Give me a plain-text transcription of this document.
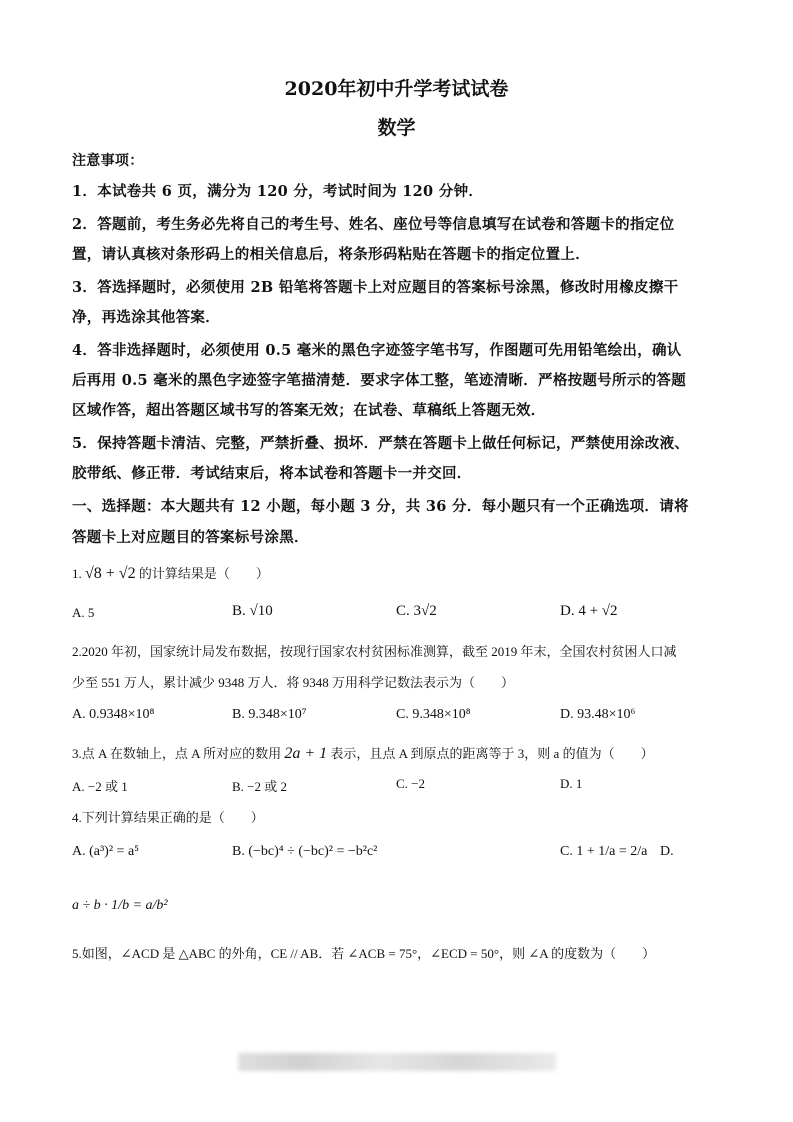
2020年初中升学考试试卷
数学
注意事项：
1．本试卷共 6 页，满分为 120 分，考试时间为 120 分钟．
2．答题前，考生务必先将自己的考生号、姓名、座位号等信息填写在试卷和答题卡的指定位
置，请认真核对条形码上的相关信息后，将条形码粘贴在答题卡的指定位置上．
3．答选择题时，必须使用 2B 铅笔将答题卡上对应题目的答案标号涂黑，修改时用橡皮擦干
净，再选涂其他答案．
4．答非选择题时，必须使用 0.5 毫米的黑色字迹签字笔书写，作图题可先用铅笔绘出，确认
后再用 0.5 毫米的黑色字迹签字笔描清楚．要求字体工整，笔迹清晰．严格按题号所示的答题
区域作答，超出答题区域书写的答案无效；在试卷、草稿纸上答题无效．
5．保持答题卡清洁、完整，严禁折叠、损坏．严禁在答题卡上做任何标记，严禁使用涂改液、
胶带纸、修正带．考试结束后，将本试卷和答题卡一并交回．
一、选择题：本大题共有 12 小题，每小题 3 分，共 36 分．每小题只有一个正确选项．请将
答题卡上对应题目的答案标号涂黑．
1. √8 + √2 的计算结果是（　　）
A. 5	B. √10	C. 3√2	D. 4 + √2
2.2020 年初，国家统计局发布数据，按现行国家农村贫困标准测算，截至 2019 年末，全国农村贫困人口减
少至 551 万人，累计减少 9348 万人．将 9348 万用科学记数法表示为（　　）
A. 0.9348×10⁸	B. 9.348×10⁷	C. 9.348×10⁸	D. 93.48×10⁶
3.点 A 在数轴上，点 A 所对应的数用 2a + 1 表示，且点 A 到原点的距离等于 3，则 a 的值为（　　）
A. −2 或 1	B. −2 或 2	C. −2	D. 1
4.下列计算结果正确的是（　　）
A. (a³)² = a⁵	B. (−bc)⁴ ÷ (−bc)² = −b²c²	C. 1 + 1/a = 2/a D.
a ÷ b · 1/b = a/b²
5.如图，∠ACD 是 △ABC 的外角，CE // AB．若 ∠ACB = 75°，∠ECD = 50°，则 ∠A 的度数为（　　）
